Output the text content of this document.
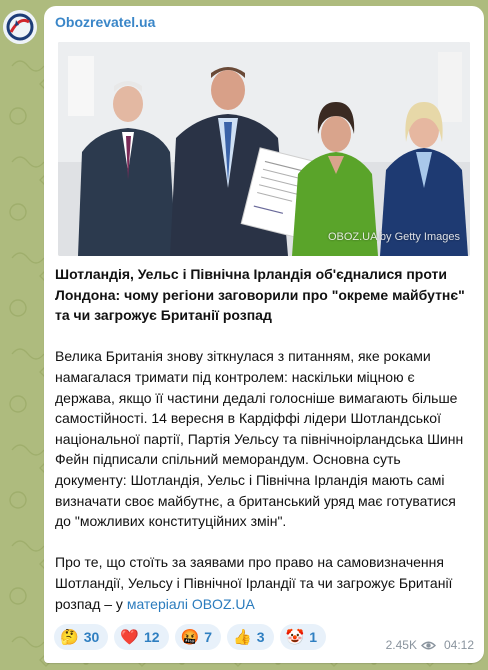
Obozrevatel.ua
OBOZ.UA by Getty Images

Шотландія, Уельс і Північна Ірландія об'єдналися проти Лондона: чому регіони заговорили про "окреме майбутнє" та чи загрожує Британії розпад

Велика Британія знову зіткнулася з питанням, яке роками намагалася тримати під контролем: наскільки міцною є держава, якщо її частини дедалі голосніше вимагають більше самостійності. 14 вересня в Кардіффі лідери Шотландської національної партії, Партія Уельсу та північноірландська Шинн Фейн підписали спільний меморандум. Основна суть документу: Шотландія, Уельс і Північна Ірландія мають самі визначати своє майбутнє, а британський уряд має готуватися до "можливих конституційних змін".

Про те, що стоїть за заявами про право на самовизначення Шотландії, Уельсу і Північної Ірландії та чи загрожує Британії розпад – у матеріалі OBOZ.UA

🤔 30 ❤️ 12 🤬 7 👍 3 🤡 1	2.45K 04:12
